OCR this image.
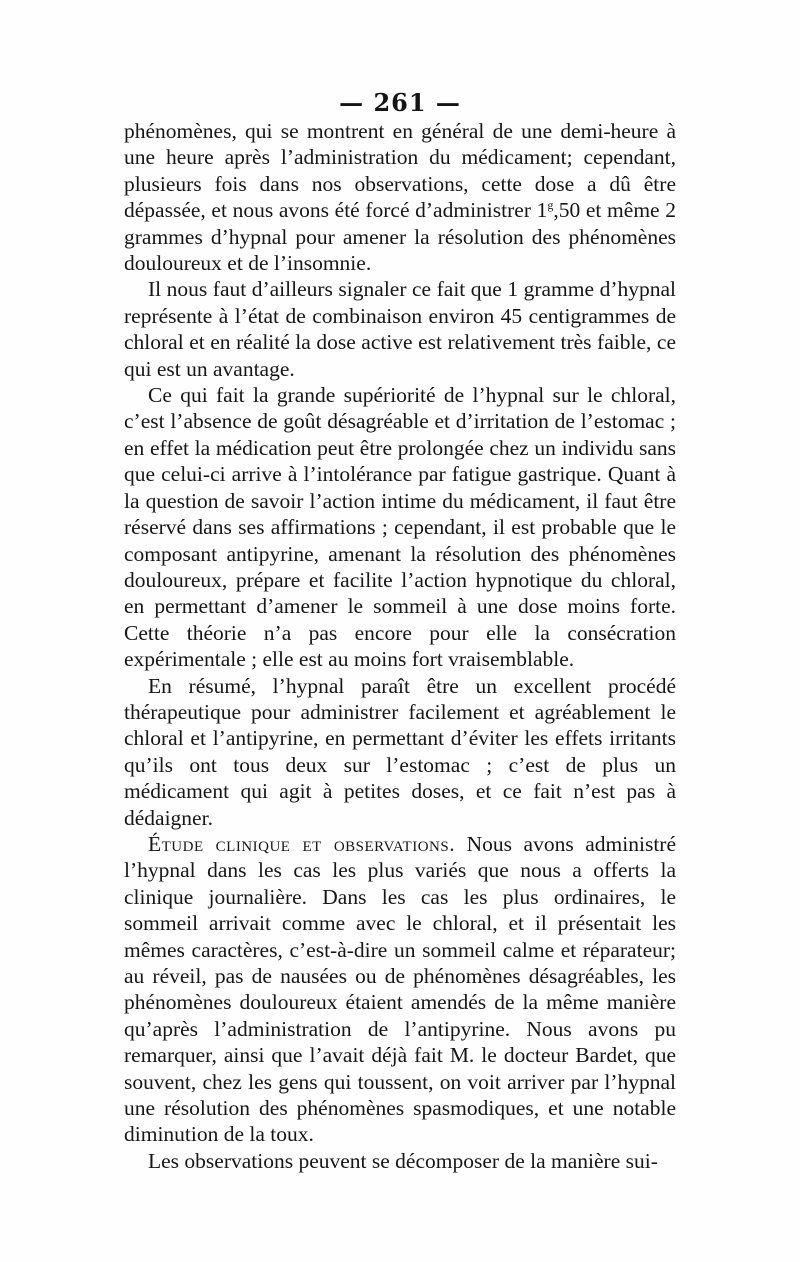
— 261 —

phénomènes, qui se montrent en général de une demi-heure à une heure après l’administration du médicament; cependant, plusieurs fois dans nos observations, cette dose a dû être dépassée, et nous avons été forcé d’administrer 1$^g$,50 et même 2 grammes d’hypnal pour amener la résolution des phénomènes douloureux et de l’insomnie.

Il nous faut d’ailleurs signaler ce fait que 1 gramme d’hypnal représente à l’état de combinaison environ 45 centigrammes de chloral et en réalité la dose active est relativement très faible, ce qui est un avantage.

Ce qui fait la grande supériorité de l’hypnal sur le chloral, c’est l’absence de goût désagréable et d’irritation de l’estomac ; en effet la médication peut être prolongée chez un individu sans que celui-ci arrive à l’intolérance par fatigue gastrique. Quant à la question de savoir l’action intime du médicament, il faut être réservé dans ses affirmations ; cependant, il est probable que le composant antipyrine, amenant la résolution des phénomènes douloureux, prépare et facilite l’action hypnotique du chloral, en permettant d’amener le sommeil à une dose moins forte. Cette théorie n’a pas encore pour elle la consécration expérimentale ; elle est au moins fort vraisemblable.

En résumé, l’hypnal paraît être un excellent procédé thérapeutique pour administrer facilement et agréablement le chloral et l’antipyrine, en permettant d’éviter les effets irritants qu’ils ont tous deux sur l’estomac ; c’est de plus un médicament qui agit à petites doses, et ce fait n’est pas à dédaigner.

Étude clinique et observations. Nous avons administré l’hypnal dans les cas les plus variés que nous a offerts la clinique journalière. Dans les cas les plus ordinaires, le sommeil arrivait comme avec le chloral, et il présentait les mêmes caractères, c’est-à-dire un sommeil calme et réparateur; au réveil, pas de nausées ou de phénomènes désagréables, les phénomènes douloureux étaient amendés de la même manière qu’après l’administration de l’antipyrine. Nous avons pu remarquer, ainsi que l’avait déjà fait M. le docteur Bardet, que souvent, chez les gens qui toussent, on voit arriver par l’hypnal une résolution des phénomènes spasmodiques, et une notable diminution de la toux.

Les observations peuvent se décomposer de la manière sui-
